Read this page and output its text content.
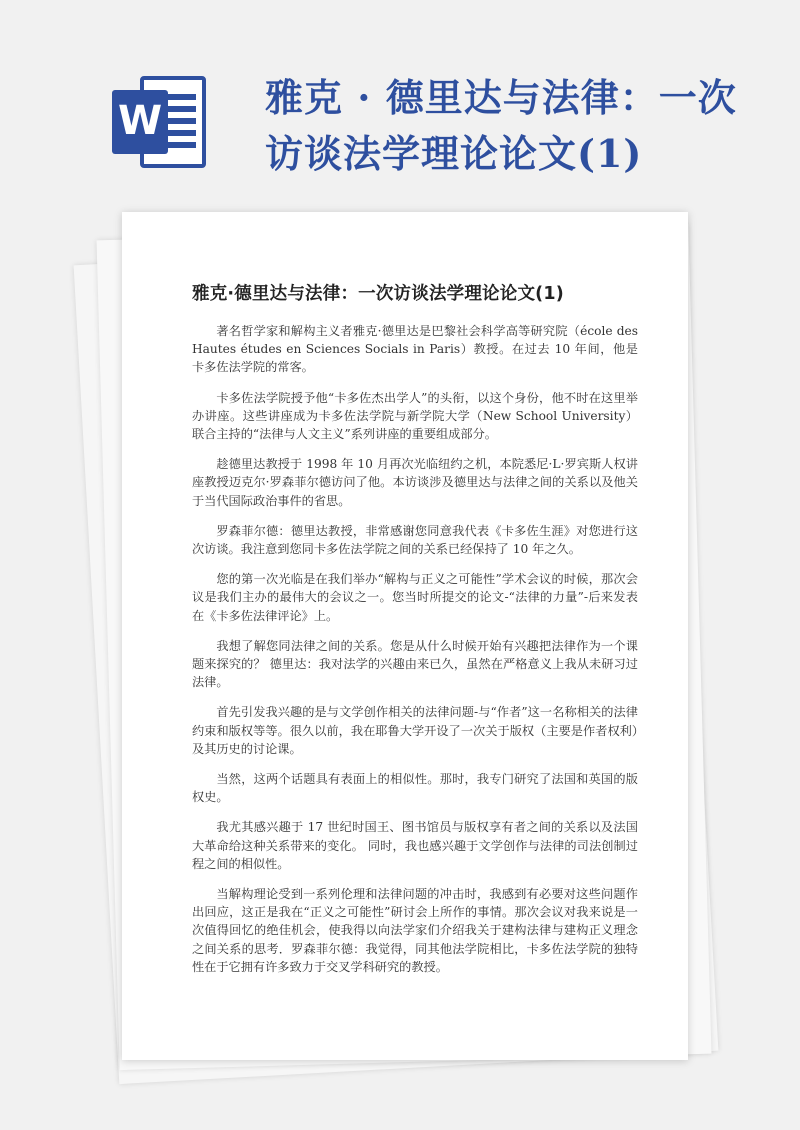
W
雅克 · 德里达与法律：一次访谈法学理论论文(1)
雅克·德里达与法律：一次访谈法学理论论文(1)

著名哲学家和解构主义者雅克·德里达是巴黎社会科学高等研究院（école des Hautes études en Sciences Socials in Paris）教授。在过去 10 年间，他是卡多佐法学院的常客。

卡多佐法学院授予他“卡多佐杰出学人”的头衔，以这个身份，他不时在这里举办讲座。这些讲座成为卡多佐法学院与新学院大学（New School University）联合主持的“法律与人文主义”系列讲座的重要组成部分。

趁德里达教授于 1998 年 10 月再次光临纽约之机，本院悉尼·L·罗宾斯人权讲座教授迈克尔·罗森菲尔德访问了他。本访谈涉及德里达与法律之间的关系以及他关于当代国际政治事件的省思。

罗森菲尔德：德里达教授，非常感谢您同意我代表《卡多佐生涯》对您进行这次访谈。我注意到您同卡多佐法学院之间的关系已经保持了 10 年之久。

您的第一次光临是在我们举办“解构与正义之可能性”学术会议的时候，那次会议是我们主办的最伟大的会议之一。您当时所提交的论文-“法律的力量”-后来发表在《卡多佐法律评论》上。

我想了解您同法律之间的关系。您是从什么时候开始有兴趣把法律作为一个课题来探究的？ 德里达：我对法学的兴趣由来已久，虽然在严格意义上我从未研习过法律。

首先引发我兴趣的是与文学创作相关的法律问题-与“作者”这一名称相关的法律约束和版权等等。很久以前，我在耶鲁大学开设了一次关于版权（主要是作者权利）及其历史的讨论课。

当然，这两个话题具有表面上的相似性。那时，我专门研究了法国和英国的版权史。

我尤其感兴趣于 17 世纪时国王、图书馆员与版权享有者之间的关系以及法国大革命给这种关系带来的变化。 同时，我也感兴趣于文学创作与法律的司法创制过程之间的相似性。

当解构理论受到一系列伦理和法律问题的冲击时，我感到有必要对这些问题作出回应，这正是我在“正义之可能性”研讨会上所作的事情。那次会议对我来说是一次值得回忆的绝佳机会，使我得以向法学家们介绍我关于建构法律与建构正义理念之间关系的思考．罗森菲尔德：我觉得，同其他法学院相比，卡多佐法学院的独特性在于它拥有许多致力于交叉学科研究的教授。
